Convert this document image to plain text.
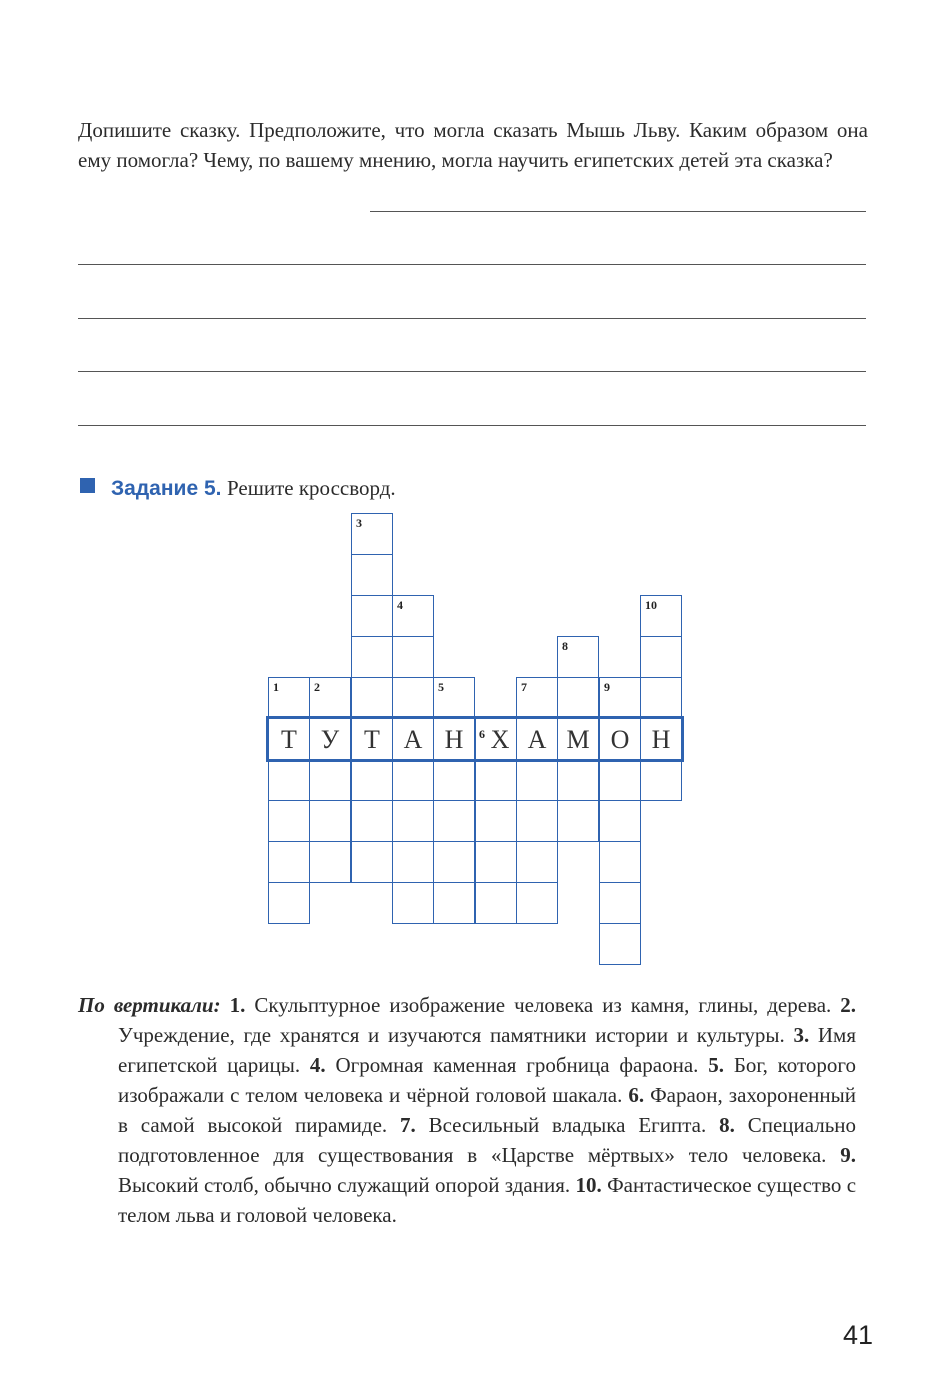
Допишите сказку. Предположите, что могла сказать Мышь Льву. Каким образом она ему помогла? Чему, по вашему мнению, могла научить египетских детей эта сказка?
Задание 5. Решите кроссворд.
1
Т
2
У
3
Т
4
А
5
Н	6 Х
7
А
8
М
9
О
10
Н

По вертикали: 1. Скульптурное изображение человека из камня, глины, дерева. 2. Учреждение, где хранятся и изучаются памятники истории и культуры. 3. Имя египетской царицы. 4. Огромная каменная гробница фараона. 5. Бог, которого изображали с телом человека и чёрной головой шакала. 6. Фараон, захороненный в самой высокой пирамиде. 7. Всесильный владыка Египта. 8. Специально подготовленное для существования в «Царстве мёртвых» тело человека. 9. Высокий столб, обычно служащий опорой здания. 10. Фантастическое существо с телом льва и головой человека.

41
